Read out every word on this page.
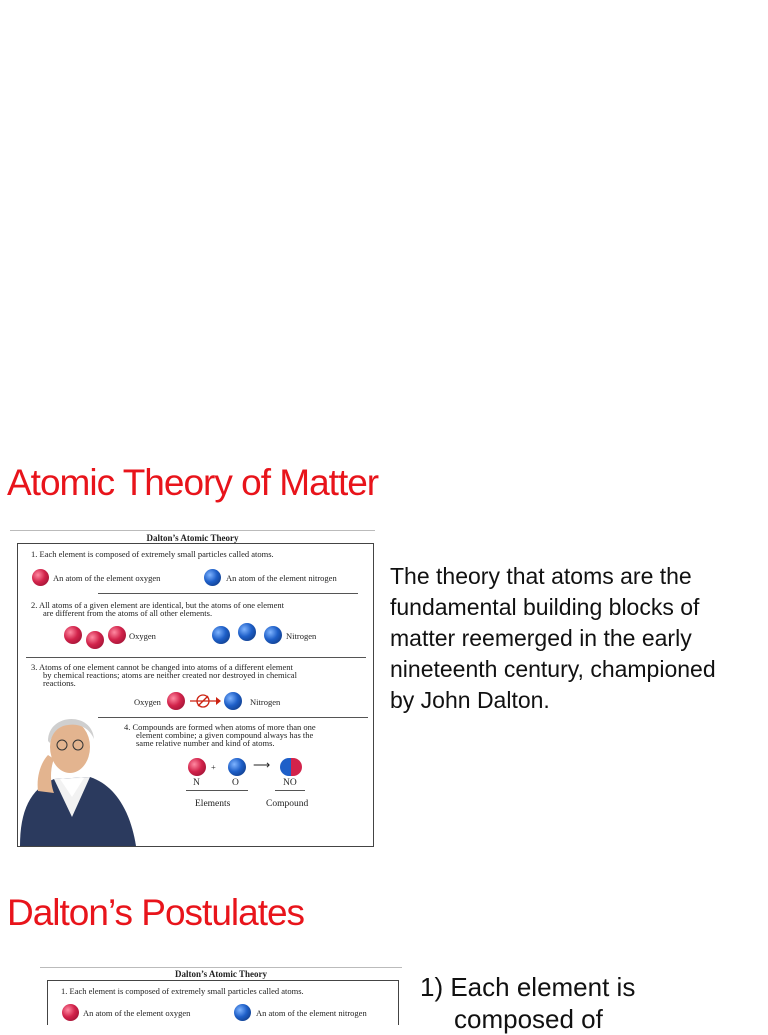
Atomic Theory of Matter
Dalton’s Atomic Theory
1. Each element is composed of extremely small particles called atoms.
An atom of the element oxygen	An atom of the element nitrogen
2. All atoms of a given element are identical, but the atoms of one element
are different from the atoms of all other elements.
Oxygen	Nitrogen
3. Atoms of one element cannot be changed into atoms of a different element
by chemical reactions; atoms are neither created nor destroyed in chemical
reactions.
Oxygen	Nitrogen
4. Compounds are formed when atoms of more than one
element combine; a given compound always has the
same relative number and kind of atoms.
+	⟶
N	O	NO
Elements	Compound
The theory that atoms are the fundamental building blocks of matter reemerged in the early nineteenth century, championed by John Dalton.
Dalton’s Postulates
Dalton’s Atomic Theory
1. Each element is composed of extremely small particles called atoms.
An atom of the element oxygen	An atom of the element nitrogen
1) Each element is
composed of
